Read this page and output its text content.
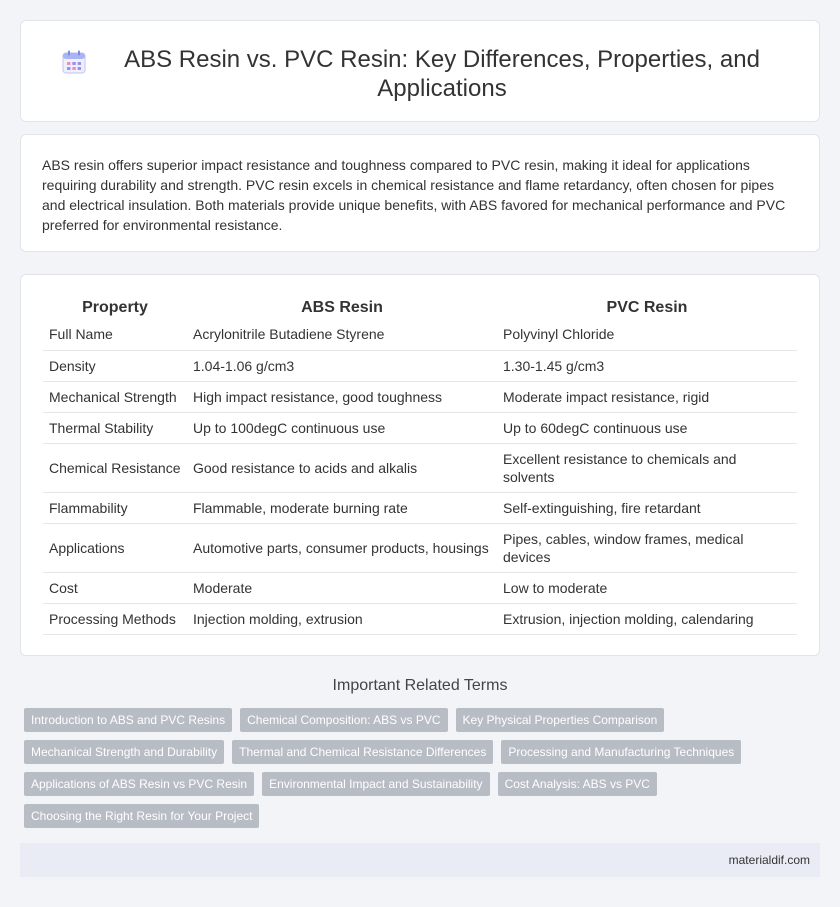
ABS Resin vs. PVC Resin: Key Differences, Properties, and Applications

ABS resin offers superior impact resistance and toughness compared to PVC resin, making it ideal for applications requiring durability and strength. PVC resin excels in chemical resistance and flame retardancy, often chosen for pipes and electrical insulation. Both materials provide unique benefits, with ABS favored for mechanical performance and PVC preferred for environmental resistance.

Property	ABS Resin	PVC Resin
Full Name	Acrylonitrile Butadiene Styrene	Polyvinyl Chloride
Density	1.04-1.06 g/cm3	1.30-1.45 g/cm3
Mechanical Strength	High impact resistance, good toughness	Moderate impact resistance, rigid
Thermal Stability	Up to 100degC continuous use	Up to 60degC continuous use
Chemical Resistance	Good resistance to acids and alkalis	Excellent resistance to chemicals and solvents
Flammability	Flammable, moderate burning rate	Self-extinguishing, fire retardant
Applications	Automotive parts, consumer products, housings	Pipes, cables, window frames, medical devices
Cost	Moderate	Low to moderate
Processing Methods	Injection molding, extrusion	Extrusion, injection molding, calendaring
Important Related Terms
Introduction to ABS and PVC Resins	Chemical Composition: ABS vs PVC	Key Physical Properties Comparison
Mechanical Strength and Durability	Thermal and Chemical Resistance Differences	Processing and Manufacturing Techniques
Applications of ABS Resin vs PVC Resin	Environmental Impact and Sustainability	Cost Analysis: ABS vs PVC
Choosing the Right Resin for Your Project
materialdif.com
